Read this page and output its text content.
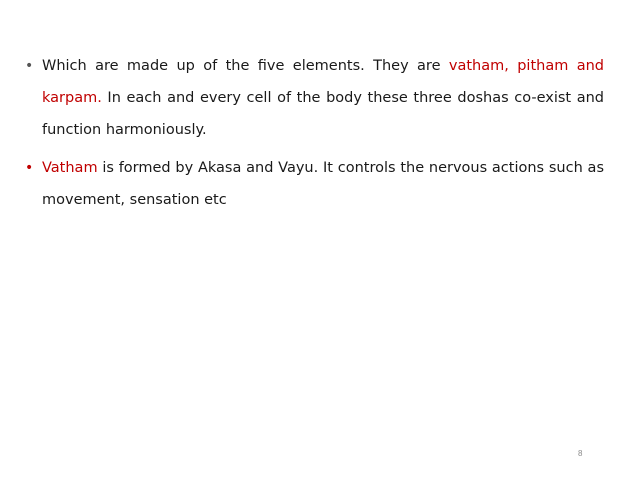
• Which are made up of the five elements. They are vatham, pitham and karpam. In each and every cell of the body these three doshas co-exist and function harmoniously.
• Vatham is formed by Akasa and Vayu. It controls the nervous actions such as movement, sensation etc
8
